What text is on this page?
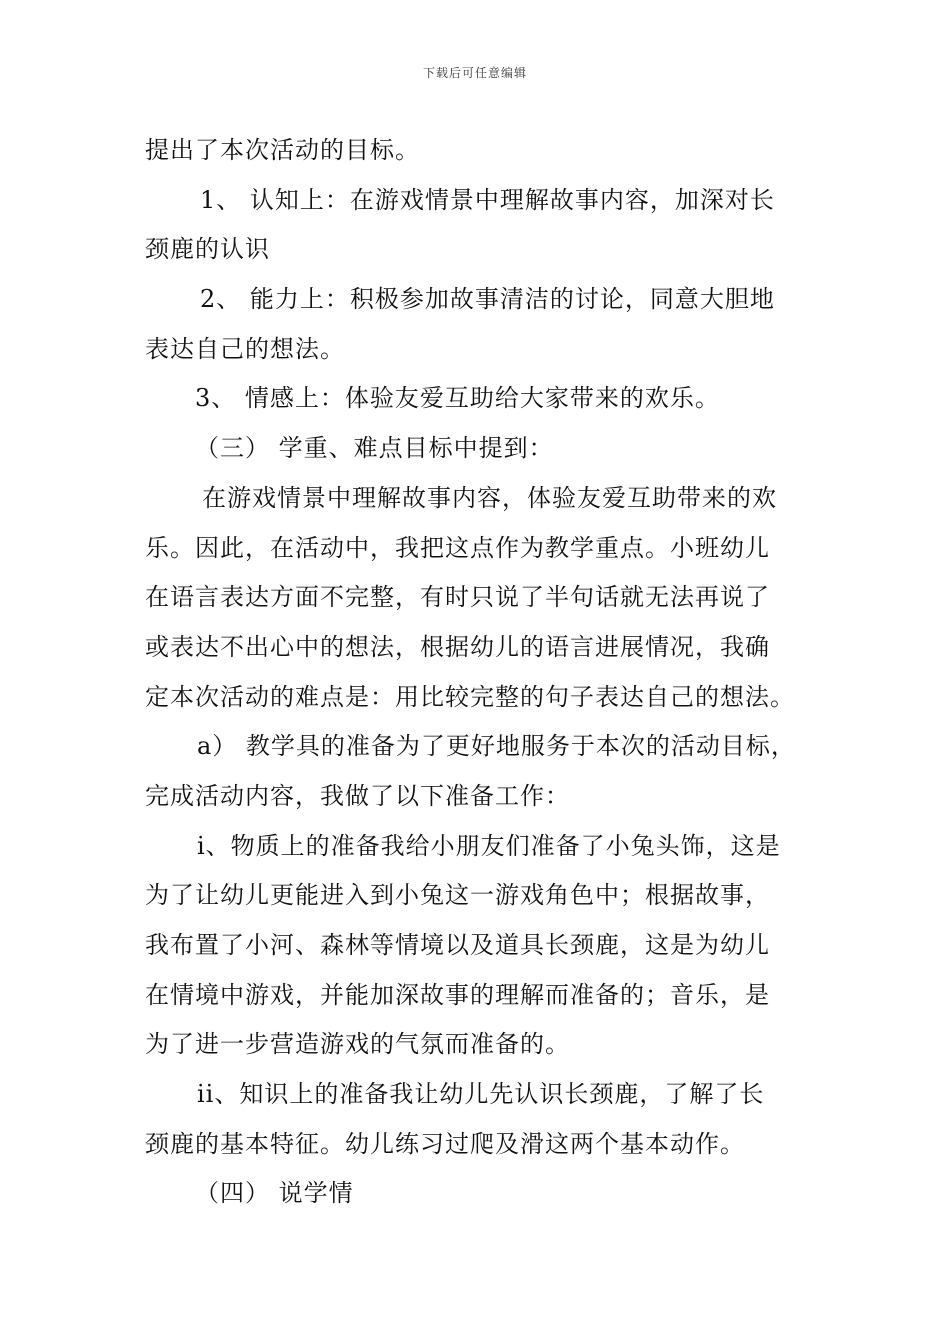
下载后可任意编辑
提出了本次活动的目标。
1、 认知上：在游戏情景中理解故事内容，加深对长
颈鹿的认识
2、 能力上：积极参加故事清洁的讨论，同意大胆地
表达自己的想法。
3、 情感上：体验友爱互助给大家带来的欢乐。
（三） 学重、难点目标中提到：
在游戏情景中理解故事内容，体验友爱互助带来的欢
乐。因此，在活动中，我把这点作为教学重点。小班幼儿
在语言表达方面不完整，有时只说了半句话就无法再说了
或表达不出心中的想法，根据幼儿的语言进展情况，我确
定本次活动的难点是：用比较完整的句子表达自己的想法。
a） 教学具的准备为了更好地服务于本次的活动目标，
完成活动内容，我做了以下准备工作：
i、物质上的准备我给小朋友们准备了小兔头饰，这是
为了让幼儿更能进入到小兔这一游戏角色中；根据故事，
我布置了小河、森林等情境以及道具长颈鹿，这是为幼儿
在情境中游戏，并能加深故事的理解而准备的；音乐，是
为了进一步营造游戏的气氛而准备的。
ii、知识上的准备我让幼儿先认识长颈鹿，了解了长
颈鹿的基本特征。幼儿练习过爬及滑这两个基本动作。
（四） 说学情
